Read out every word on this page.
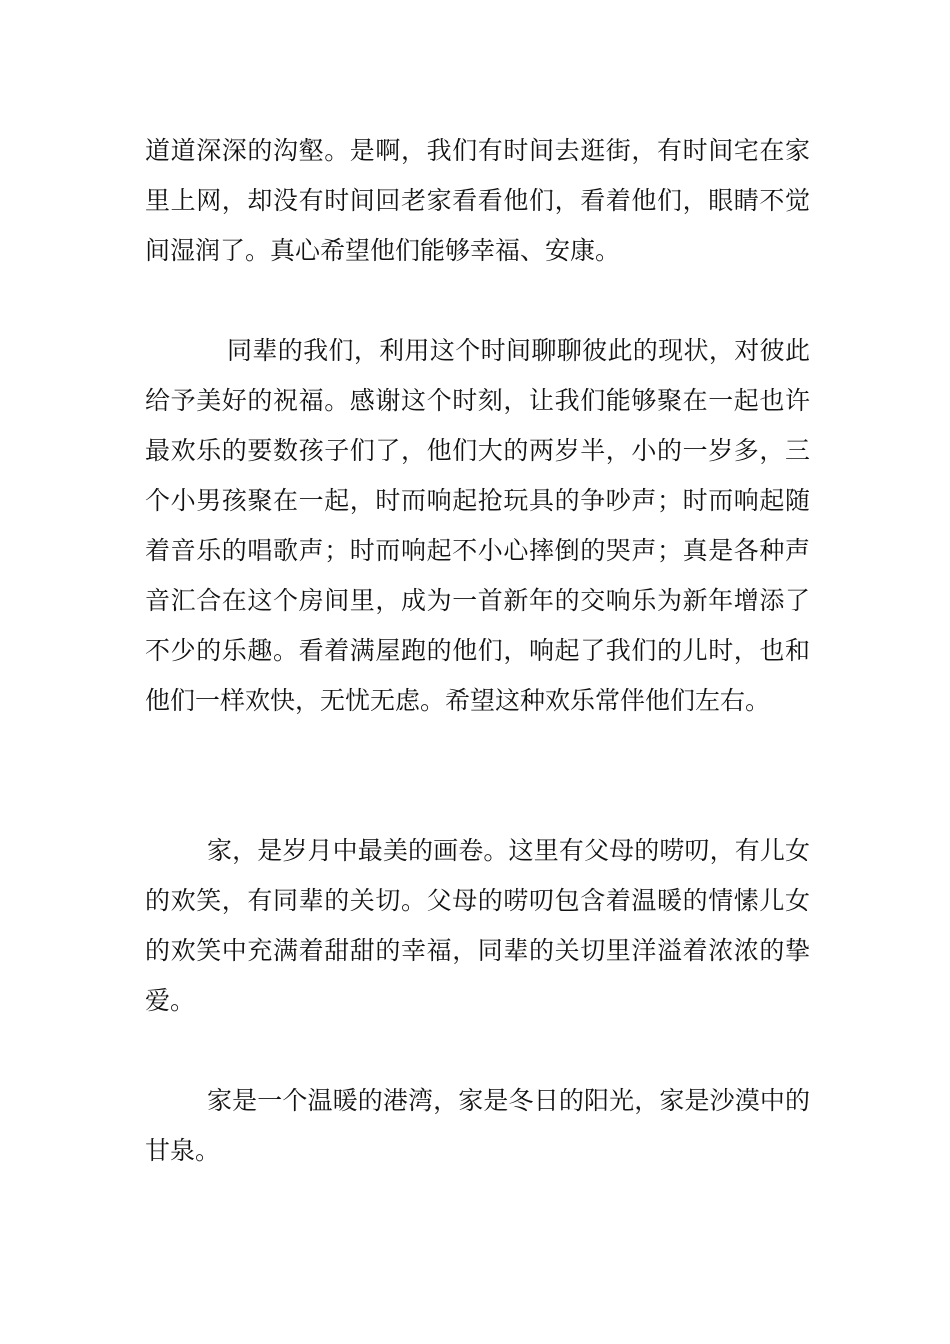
道道深深的沟壑。是啊，我们有时间去逛街，有时间宅在家里上网，却没有时间回老家看看他们，看着他们，眼睛不觉间湿润了。真心希望他们能够幸福、安康。

同辈的我们，利用这个时间聊聊彼此的现状，对彼此给予美好的祝福。感谢这个时刻，让我们能够聚在一起也许最欢乐的要数孩子们了，他们大的两岁半，小的一岁多，三个小男孩聚在一起，时而响起抢玩具的争吵声；时而响起随着音乐的唱歌声；时而响起不小心摔倒的哭声；真是各种声音汇合在这个房间里，成为一首新年的交响乐为新年增添了不少的乐趣。看着满屋跑的他们，响起了我们的儿时，也和他们一样欢快，无忧无虑。希望这种欢乐常伴他们左右。

家，是岁月中最美的画卷。这里有父母的唠叨，有儿女的欢笑，有同辈的关切。父母的唠叨包含着温暖的情愫儿女的欢笑中充满着甜甜的幸福，同辈的关切里洋溢着浓浓的挚爱。

家是一个温暖的港湾，家是冬日的阳光，家是沙漠中的甘泉。
